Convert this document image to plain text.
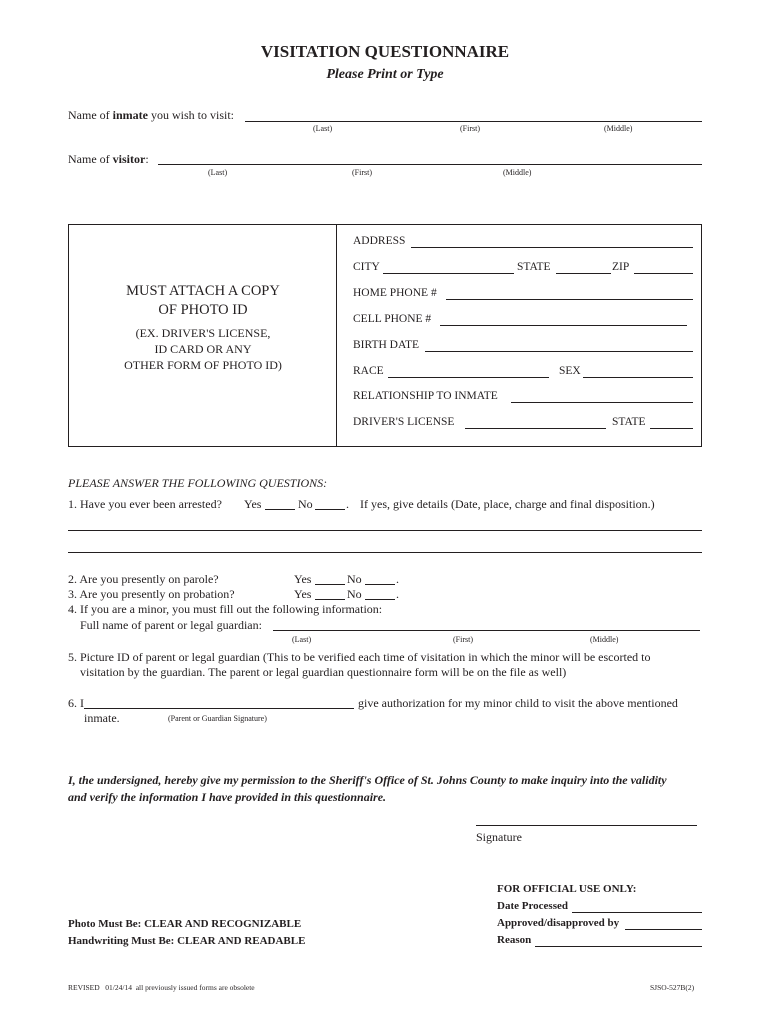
VISITATION QUESTIONNAIRE
Please Print or Type
Name of inmate you wish to visit:
(Last)	(First)	(Middle)
Name of visitor:
(Last)	(First)	(Middle)
MUST ATTACH A COPY
OF PHOTO ID
(EX. DRIVER'S LICENSE,
ID CARD OR ANY
OTHER FORM OF PHOTO ID)
ADDRESS
CITY	STATE	ZIP
HOME PHONE #
CELL PHONE #
BIRTH DATE
RACE	SEX
RELATIONSHIP TO INMATE
DRIVER'S LICENSE	STATE
PLEASE ANSWER THE FOLLOWING QUESTIONS:
1. Have you ever been arrested? Yes	No	. If yes, give details (Date, place, charge and final disposition.)
2. Are you presently on parole?	Yes	No	.
3. Are you presently on probation?	Yes	No	.
4. If you are a minor, you must fill out the following information:
Full name of parent or legal guardian:
(Last)	(First)	(Middle)
5. Picture ID of parent or legal guardian (This to be verified each time of visitation in which the minor will be escorted to
visitation by the guardian. The parent or legal guardian questionnaire form will be on the file as well)
6. I	give authorization for my minor child to visit the above mentioned
inmate.	(Parent or Guardian Signature)
I, the undersigned, hereby give my permission to the Sheriff's Office of St. Johns County to make inquiry into the validity
and verify the information I have provided in this questionnaire.
Signature
FOR OFFICIAL USE ONLY:
Date Processed
Approved/disapproved by
Reason
Photo Must Be: CLEAR AND RECOGNIZABLE
Handwriting Must Be: CLEAR AND READABLE
REVISED   01/24/14  all previously issued forms are obsolete	SJSO-527B(2)
